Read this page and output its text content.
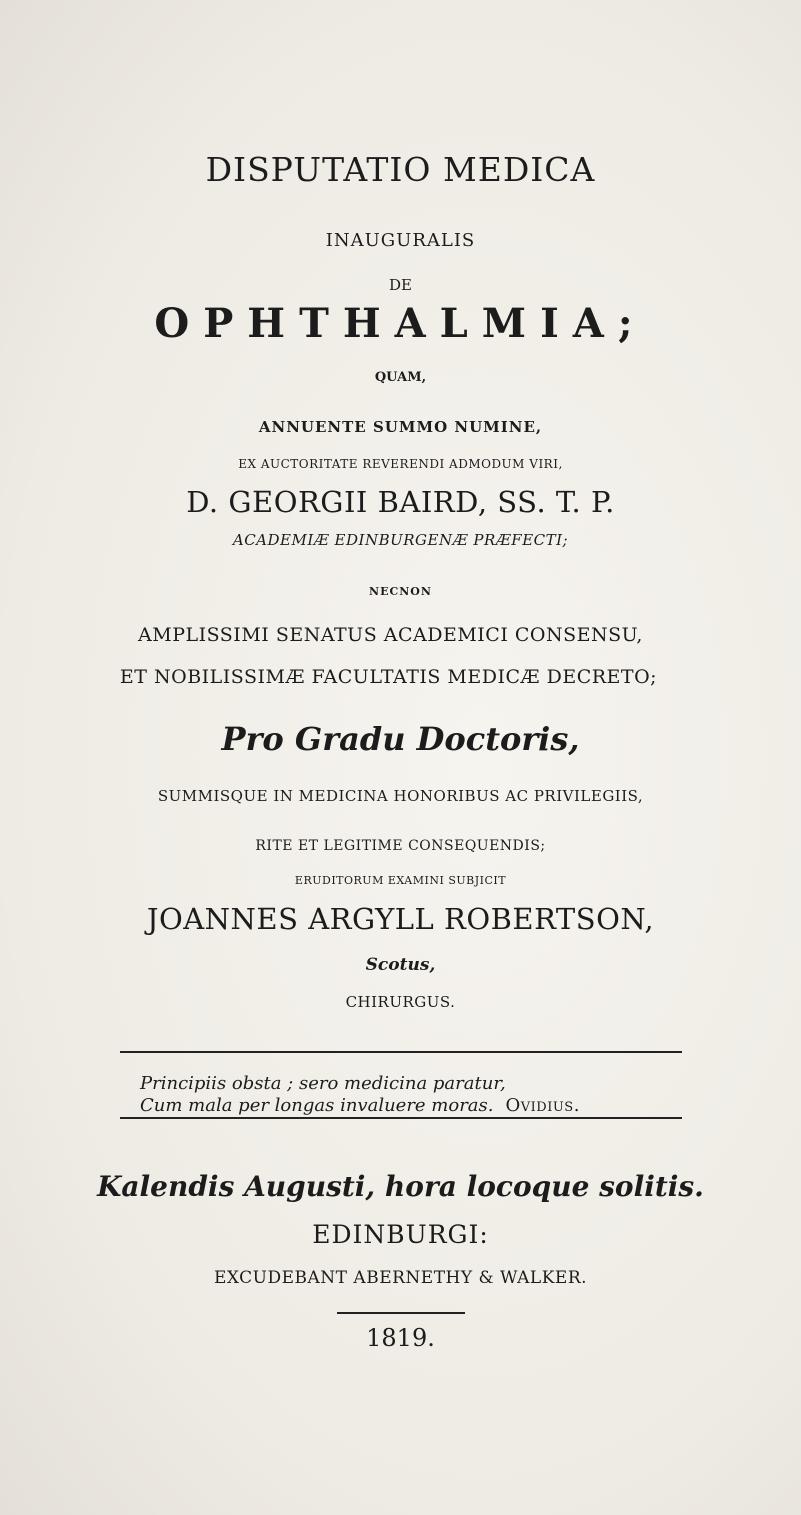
DISPUTATIO MEDICA
INAUGURALIS
DE
OPHTHALMIA;
QUAM,
ANNUENTE SUMMO NUMINE,
EX AUCTORITATE REVERENDI ADMODUM VIRI,
D. GEORGII BAIRD, SS. T. P.
ACADEMIÆ EDINBURGENÆ PRÆFECTI;
NECNON
AMPLISSIMI SENATUS ACADEMICI CONSENSU,
ET NOBILISSIMÆ FACULTATIS MEDICÆ DECRETO;
Pro Gradu Doctoris,
SUMMISQUE IN MEDICINA HONORIBUS AC PRIVILEGIIS,
RITE ET LEGITIME CONSEQUENDIS;
ERUDITORUM EXAMINI SUBJICIT
JOANNES ARGYLL ROBERTSON,
Scotus,
CHIRURGUS.
Principiis obsta ; sero medicina paratur,
Cum mala per longas invaluere moras. Ovidius.
Kalendis Augusti, hora locoque solitis.
EDINBURGI:
EXCUDEBANT ABERNETHY & WALKER.
1819.
